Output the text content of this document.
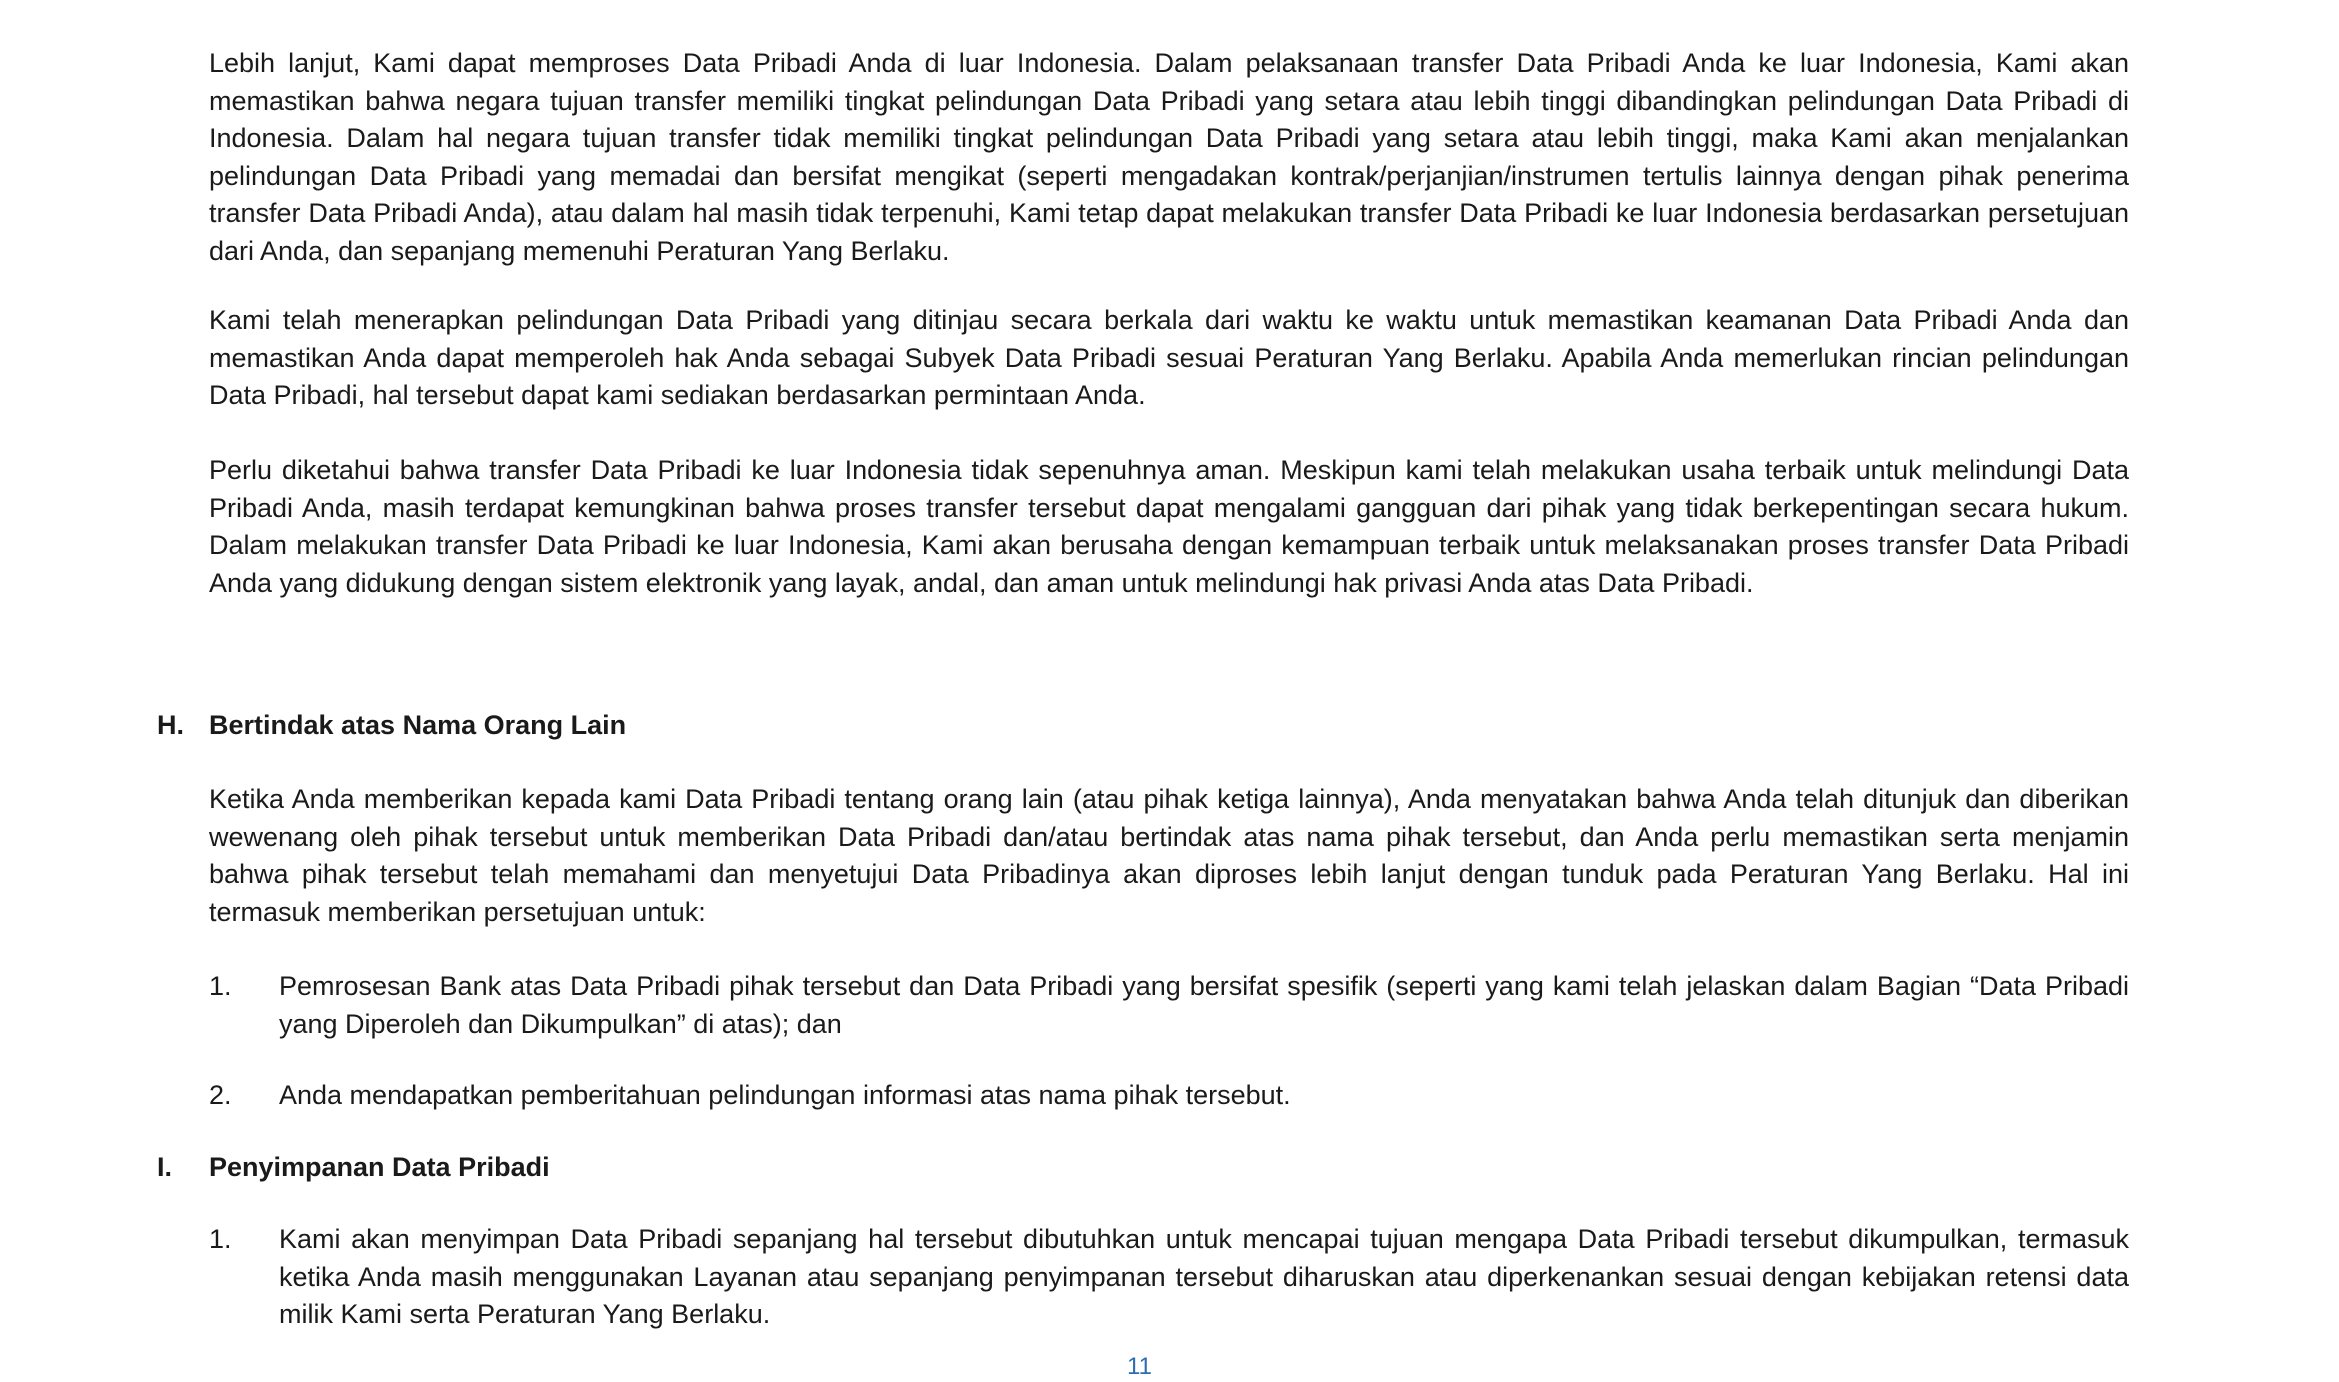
Lebih lanjut, Kami dapat memproses Data Pribadi Anda di luar Indonesia. Dalam pelaksanaan transfer Data Pribadi Anda ke luar Indonesia, Kami akan memastikan bahwa negara tujuan transfer memiliki tingkat pelindungan Data Pribadi yang setara atau lebih tinggi dibandingkan pelindungan Data Pribadi di Indonesia. Dalam hal negara tujuan transfer tidak memiliki tingkat pelindungan Data Pribadi yang setara atau lebih tinggi, maka Kami akan menjalankan pelindungan Data Pribadi yang memadai dan bersifat mengikat (seperti mengadakan kontrak/perjanjian/instrumen tertulis lainnya dengan pihak penerima transfer Data Pribadi Anda), atau dalam hal masih tidak terpenuhi, Kami tetap dapat melakukan transfer Data Pribadi ke luar Indonesia berdasarkan persetujuan dari Anda, dan sepanjang memenuhi Peraturan Yang Berlaku.

Kami telah menerapkan pelindungan Data Pribadi yang ditinjau secara berkala dari waktu ke waktu untuk memastikan keamanan Data Pribadi Anda dan memastikan Anda dapat memperoleh hak Anda sebagai Subyek Data Pribadi sesuai Peraturan Yang Berlaku. Apabila Anda memerlukan rincian pelindungan Data Pribadi, hal tersebut dapat kami sediakan berdasarkan permintaan Anda.

Perlu diketahui bahwa transfer Data Pribadi ke luar Indonesia tidak sepenuhnya aman. Meskipun kami telah melakukan usaha terbaik untuk melindungi Data Pribadi Anda, masih terdapat kemungkinan bahwa proses transfer tersebut dapat mengalami gangguan dari pihak yang tidak berkepentingan secara hukum. Dalam melakukan transfer Data Pribadi ke luar Indonesia, Kami akan berusaha dengan kemampuan terbaik untuk melaksanakan proses transfer Data Pribadi Anda yang didukung dengan sistem elektronik yang layak, andal, dan aman untuk melindungi hak privasi Anda atas Data Pribadi.

H. Bertindak atas Nama Orang Lain

Ketika Anda memberikan kepada kami Data Pribadi tentang orang lain (atau pihak ketiga lainnya), Anda menyatakan bahwa Anda telah ditunjuk dan diberikan wewenang oleh pihak tersebut untuk memberikan Data Pribadi dan/atau bertindak atas nama pihak tersebut, dan Anda perlu memastikan serta menjamin bahwa pihak tersebut telah memahami dan menyetujui Data Pribadinya akan diproses lebih lanjut dengan tunduk pada Peraturan Yang Berlaku. Hal ini termasuk memberikan persetujuan untuk:

1. Pemrosesan Bank atas Data Pribadi pihak tersebut dan Data Pribadi yang bersifat spesifik (seperti yang kami telah jelaskan dalam Bagian “Data Pribadi yang Diperoleh dan Dikumpulkan” di atas); dan
2. Anda mendapatkan pemberitahuan pelindungan informasi atas nama pihak tersebut.
I. Penyimpanan Data Pribadi
1. Kami akan menyimpan Data Pribadi sepanjang hal tersebut dibutuhkan untuk mencapai tujuan mengapa Data Pribadi tersebut dikumpulkan, termasuk ketika Anda masih menggunakan Layanan atau sepanjang penyimpanan tersebut diharuskan atau diperkenankan sesuai dengan kebijakan retensi data milik Kami serta Peraturan Yang Berlaku.
11
